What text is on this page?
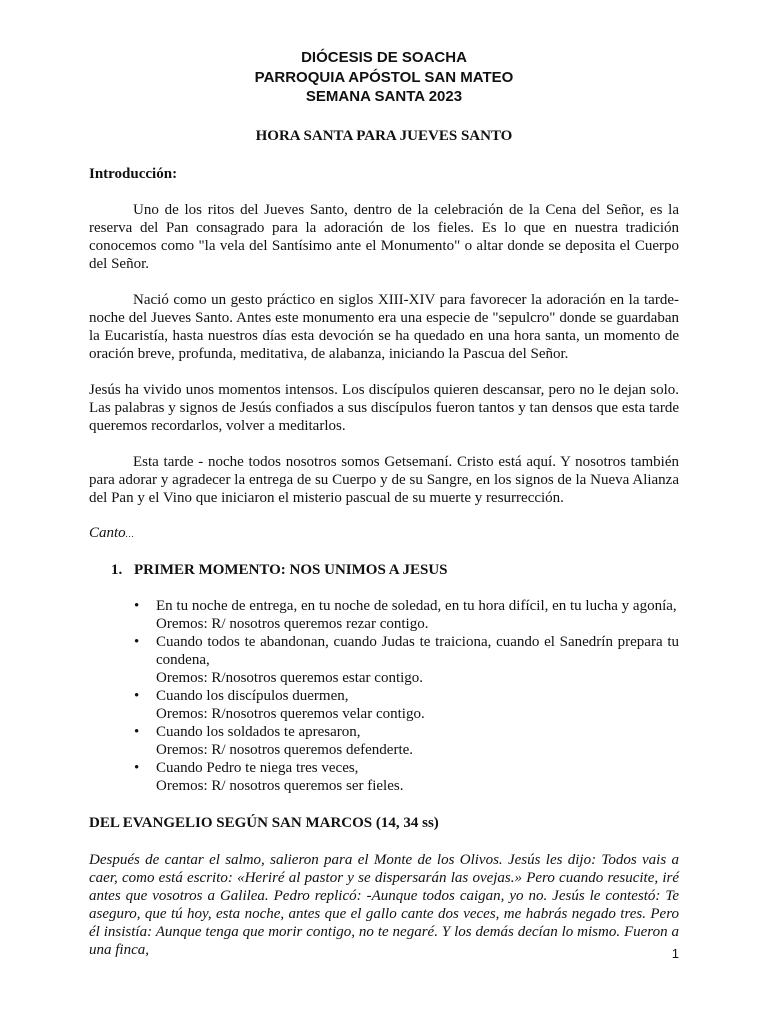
DIÓCESIS DE SOACHA
PARROQUIA APÓSTOL SAN MATEO
SEMANA SANTA 2023
HORA SANTA PARA JUEVES SANTO
Introducción:

Uno de los ritos del Jueves Santo, dentro de la celebración de la Cena del Señor, es la reserva del Pan consagrado para la adoración de los fieles. Es lo que en nuestra tradición conocemos como "la vela del Santísimo ante el Monumento" o altar donde se deposita el Cuerpo del Señor.

Nació como un gesto práctico en siglos XIII-XIV para favorecer la adoración en la tarde-noche del Jueves Santo. Antes este monumento era una especie de "sepulcro" donde se guardaban la Eucaristía, hasta nuestros días esta devoción se ha quedado en una hora santa, un momento de oración breve, profunda, meditativa, de alabanza, iniciando la Pascua del Señor.

Jesús ha vivido unos momentos intensos. Los discípulos quieren descansar, pero no le dejan solo. Las palabras y signos de Jesús confiados a sus discípulos fueron tantos y tan densos que esta tarde queremos recordarlos, volver a meditarlos.

Esta tarde - noche todos nosotros somos Getsemaní. Cristo está aquí. Y nosotros también para adorar y agradecer la entrega de su Cuerpo y de su Sangre, en los signos de la Nueva Alianza del Pan y el Vino que iniciaron el misterio pascual de su muerte y resurrección.

Canto…
1. PRIMER MOMENTO: NOS UNIMOS A JESUS
• En tu noche de entrega, en tu noche de soledad, en tu hora difícil, en tu lucha y agonía,
Oremos: R/ nosotros queremos rezar contigo.
• Cuando todos te abandonan, cuando Judas te traiciona, cuando el Sanedrín prepara tu condena,
Oremos: R/nosotros queremos estar contigo.
• Cuando los discípulos duermen,
Oremos: R/nosotros queremos velar contigo.
• Cuando los soldados te apresaron,
Oremos: R/ nosotros queremos defenderte.
• Cuando Pedro te niega tres veces,
Oremos: R/ nosotros queremos ser fieles.
DEL EVANGELIO SEGÚN SAN MARCOS (14, 34 ss)

Después de cantar el salmo, salieron para el Monte de los Olivos. Jesús les dijo: Todos vais a caer, como está escrito: «Heriré al pastor y se dispersarán las ovejas.» Pero cuando resucite, iré antes que vosotros a Galilea. Pedro replicó: -Aunque todos caigan, yo no. Jesús le contestó: Te aseguro, que tú hoy, esta noche, antes que el gallo cante dos veces, me habrás negado tres. Pero él insistía: Aunque tenga que morir contigo, no te negaré. Y los demás decían lo mismo. Fueron a una finca,	1
